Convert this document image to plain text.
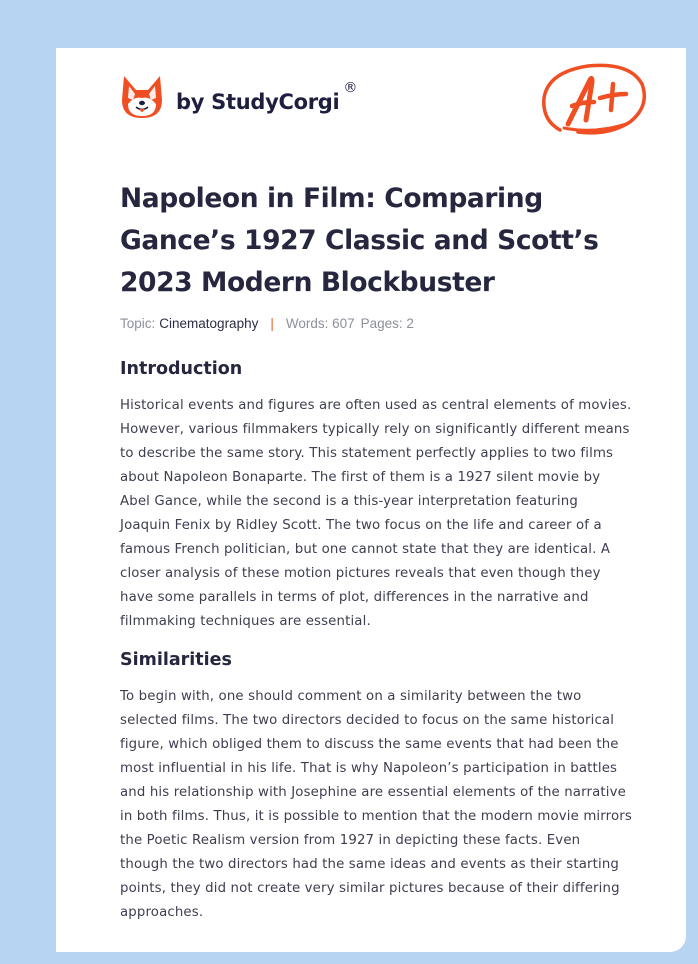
by StudyCorgi
®
Napoleon in Film: Comparing Gance’s 1927 Classic and Scott’s 2023 Modern Blockbuster
Topic: Cinematography | Words: 607 Pages: 2
Introduction

Historical events and figures are often used as central elements of movies. However, various filmmakers typically rely on significantly different means to describe the same story. This statement perfectly applies to two films about Napoleon Bonaparte. The first of them is a 1927 silent movie by Abel Gance, while the second is a this-year interpretation featuring Joaquin Fenix by Ridley Scott. The two focus on the life and career of a famous French politician, but one cannot state that they are identical. A closer analysis of these motion pictures reveals that even though they have some parallels in terms of plot, differences in the narrative and filmmaking techniques are essential.

Similarities

To begin with, one should comment on a similarity between the two selected films. The two directors decided to focus on the same historical figure, which obliged them to discuss the same events that had been the most influential in his life. That is why Napoleon’s participation in battles and his relationship with Josephine are essential elements of the narrative in both films. Thus, it is possible to mention that the modern movie mirrors the Poetic Realism version from 1927 in depicting these facts. Even though the two directors had the same ideas and events as their starting points, they did not create very similar pictures because of their differing approaches.
